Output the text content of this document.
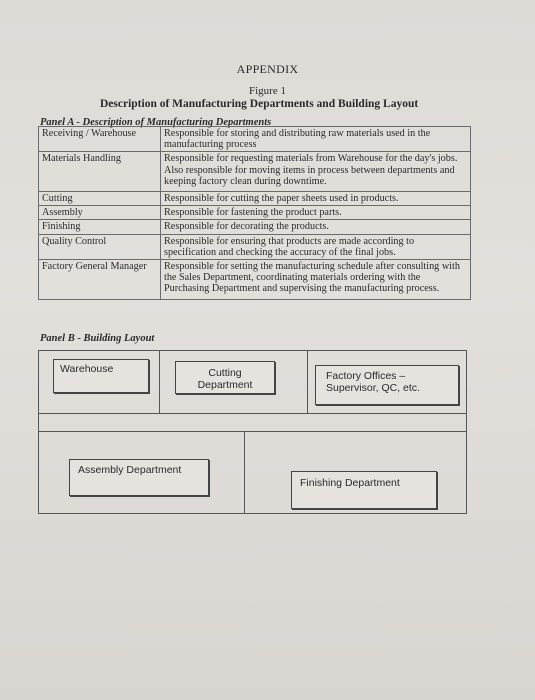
APPENDIX
Figure 1
Description of Manufacturing Departments and Building Layout
Panel A - Description of Manufacturing Departments
Receiving / Warehouse	Responsible for storing and distributing raw materials used in the manufacturing process
Materials Handling	Responsible for requesting materials from Warehouse for the day's jobs. Also responsible for moving items in process between departments and keeping factory clean during downtime.
Cutting	Responsible for cutting the paper sheets used in products.
Assembly	Responsible for fastening the product parts.
Finishing	Responsible for decorating the products.
Quality Control	Responsible for ensuring that products are made according to specification and checking the accuracy of the final jobs.
Factory General Manager	Responsible for setting the manufacturing schedule after consulting with the Sales Department, coordinating materials ordering with the Purchasing Department and supervising the manufacturing process.
Panel B - Building Layout
Warehouse	Cutting Department
Factory Offices –
Supervisor, QC, etc.
Assembly Department
Finishing Department
